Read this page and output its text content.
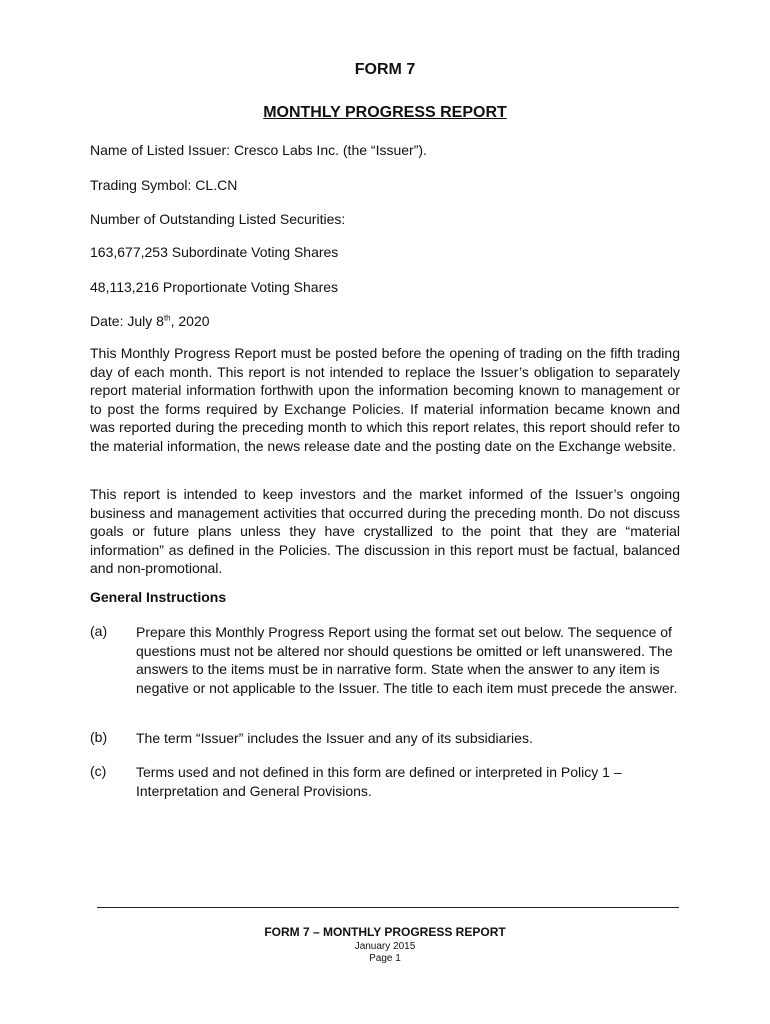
FORM 7
MONTHLY PROGRESS REPORT
Name of Listed Issuer: Cresco Labs Inc. (the “Issuer”).
Trading Symbol: CL.CN
Number of Outstanding Listed Securities:
163,677,253 Subordinate Voting Shares
48,113,216 Proportionate Voting Shares
Date: July 8th, 2020

This Monthly Progress Report must be posted before the opening of trading on the fifth trading day of each month. This report is not intended to replace the Issuer’s obligation to separately report material information forthwith upon the information becoming known to management or to post the forms required by Exchange Policies. If material information became known and was reported during the preceding month to which this report relates, this report should refer to the material information, the news release date and the posting date on the Exchange website.

This report is intended to keep investors and the market informed of the Issuer’s ongoing business and management activities that occurred during the preceding month. Do not discuss goals or future plans unless they have crystallized to the point that they are “material information” as defined in the Policies. The discussion in this report must be factual, balanced and non-promotional.

General Instructions
(a) Prepare this Monthly Progress Report using the format set out below. The sequence of questions must not be altered nor should questions be omitted or left unanswered. The answers to the items must be in narrative form. State when the answer to any item is negative or not applicable to the Issuer. The title to each item must precede the answer.

(b) The term “Issuer” includes the Issuer and any of its subsidiaries.

(c) Terms used and not defined in this form are defined or interpreted in Policy 1 – Interpretation and General Provisions.

FORM 7 – MONTHLY PROGRESS REPORT
January 2015
Page 1
